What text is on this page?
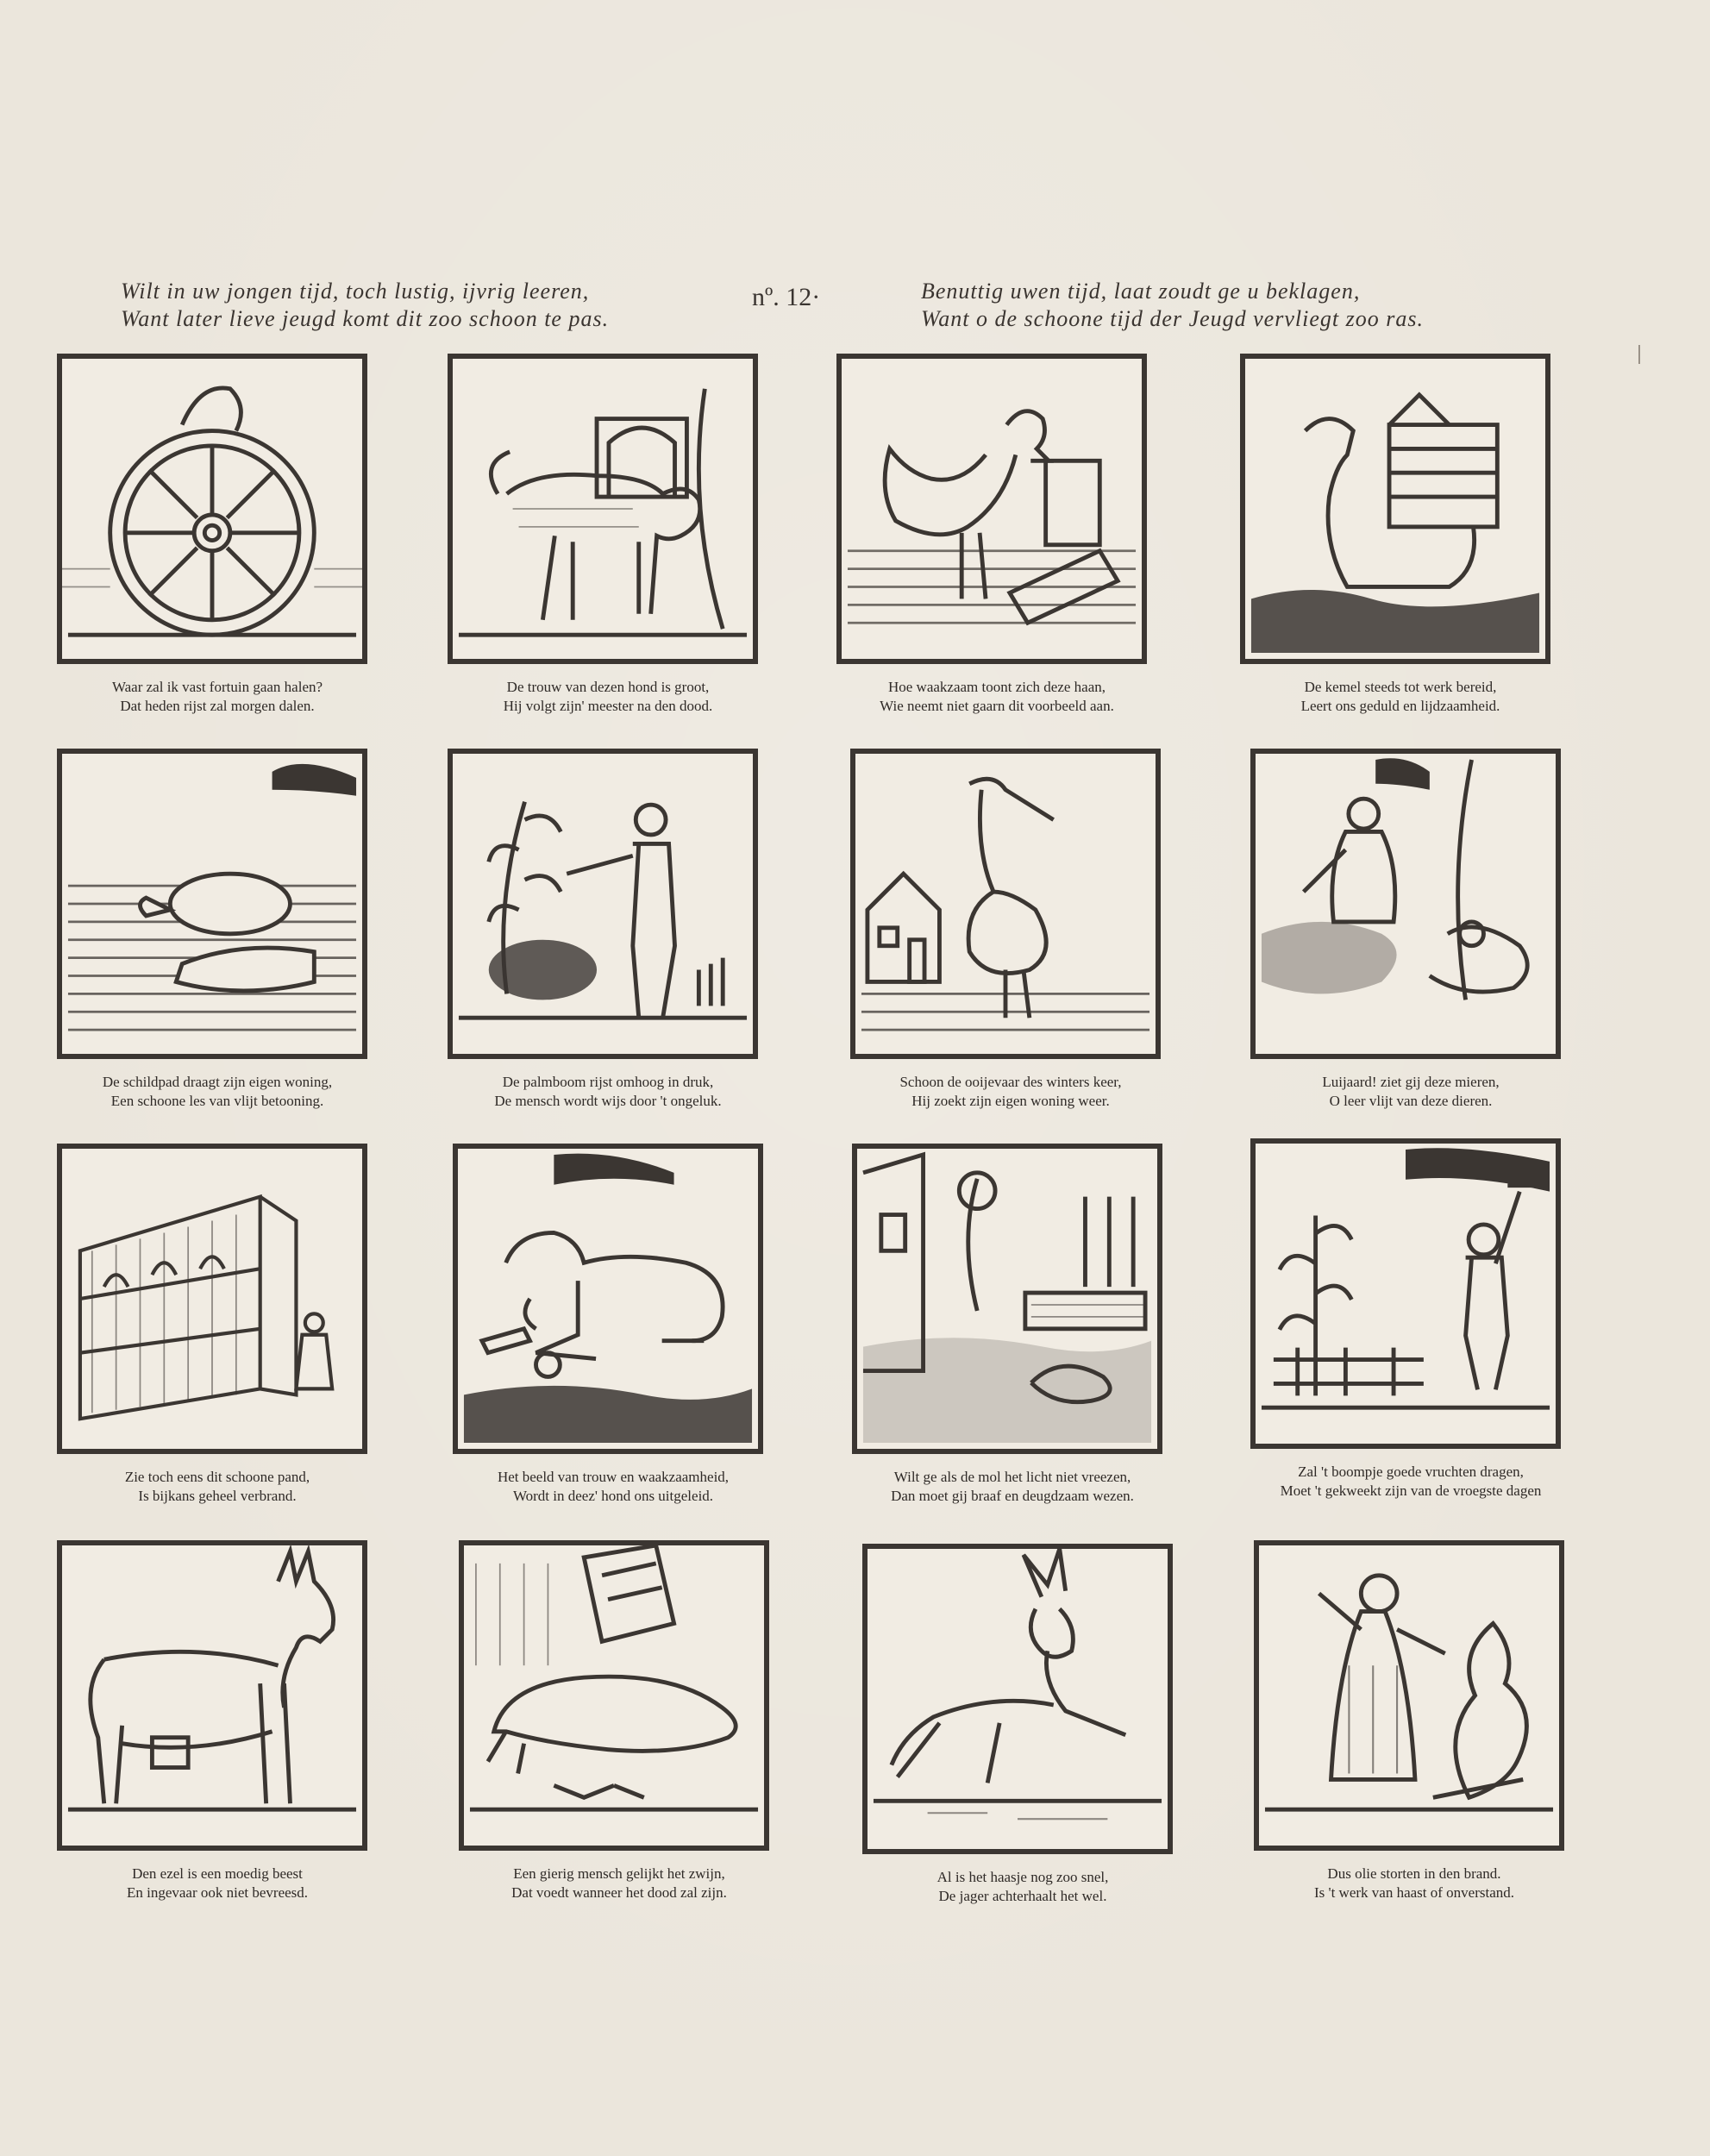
Wilt in uw jongen tijd, toch lustig, ijvrig leeren,
Want later lieve jeugd komt dit zoo schoon te pas.
nº. 12·	Benuttig uwen tijd, laat zoudt ge u beklagen,
Want o de schoone tijd der Jeugd vervliegt zoo ras.
Waar zal ik vast fortuin gaan halen?
Dat heden rijst zal morgen dalen.
De trouw van dezen hond is groot,
Hij volgt zijn' meester na den dood.
Hoe waakzaam toont zich deze haan,
Wie neemt niet gaarn dit voorbeeld aan.
De kemel steeds tot werk bereid,
Leert ons geduld en lijdzaamheid.
De schildpad draagt zijn eigen woning,
Een schoone les van vlijt betooning.
De palmboom rijst omhoog in druk,
De mensch wordt wijs door 't ongeluk.
Schoon de ooijevaar des winters keer,
Hij zoekt zijn eigen woning weer.
Luijaard! ziet gij deze mieren,
O leer vlijt van deze dieren.
Zie toch eens dit schoone pand,
Is bijkans geheel verbrand.
Het beeld van trouw en waakzaamheid,
Wordt in deez' hond ons uitgeleid.
Wilt ge als de mol het licht niet vreezen,
Dan moet gij braaf en deugdzaam wezen.
Zal 't boompje goede vruchten dragen,
Moet 't gekweekt zijn van de vroegste dagen
Den ezel is een moedig beest
En ingevaar ook niet bevreesd.
Een gierig mensch gelijkt het zwijn,
Dat voedt wanneer het dood zal zijn.
Al is het haasje nog zoo snel,
De jager achterhaalt het wel.
Dus olie storten in den brand.
Is 't werk van haast of onverstand.
